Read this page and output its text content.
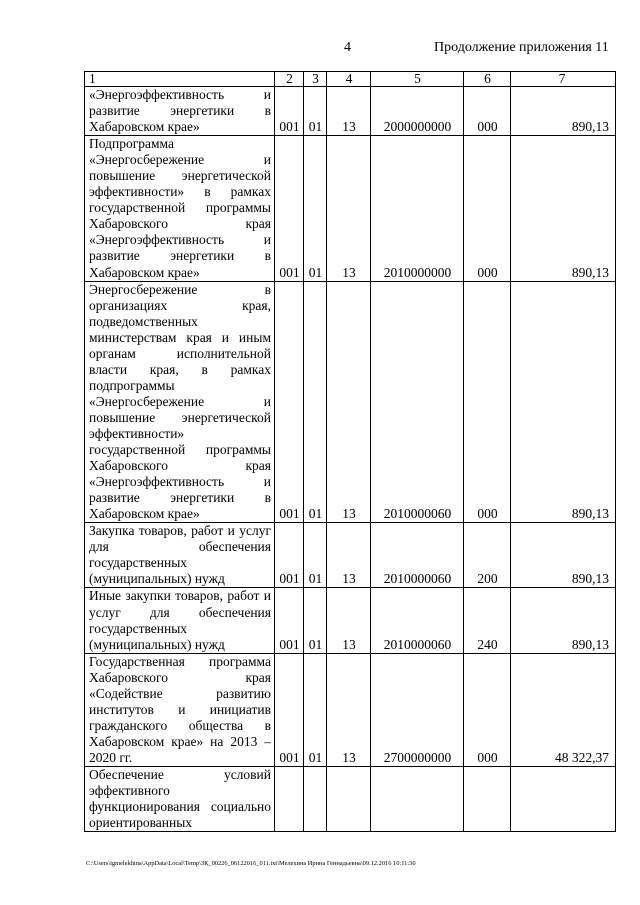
4	Продолжение приложения 11
1	2	3	4	5	6	7
«Энергоэффективность и развитие энергетики в Хабаровском крае»	001	01	13	2000000000	000	890,13
Подпрограмма «Энергосбережение и повышение энергетической эффективности» в рамках государственной программы Хабаровского края «Энергоэффективность и развитие энергетики в Хабаровском крае»	001	01	13	2010000000	000	890,13
Энергосбережение в организациях края, подведомственных министерствам края и иным органам исполнительной власти края, в рамках подпрограммы «Энергосбережение и повышение энергетической эффективности» государственной программы Хабаровского края «Энергоэффективность и развитие энергетики в Хабаровском крае»	001	01	13	2010000060	000	890,13
Закупка товаров, работ и услуг для обеспечения государственных (муниципальных) нужд	001	01	13	2010000060	200	890,13
Иные закупки товаров, работ и услуг для обеспечения государственных (муниципальных) нужд	001	01	13	2010000060	240	890,13
Государственная программа Хабаровского края «Содействие развитию институтов и инициатив гражданского общества в Хабаровском крае» на 2013 – 2020 гг.	001	01	13	2700000000	000	48 322,37
Обеспечение условий эффективного функционирования социально ориентированных						
C:\Users\igmelekhina\AppData\Local\Temp\ЗК_00226_06122016_011.txt\Мелехина Ирина Геннадьевна\09.12.2016 10:11:30
